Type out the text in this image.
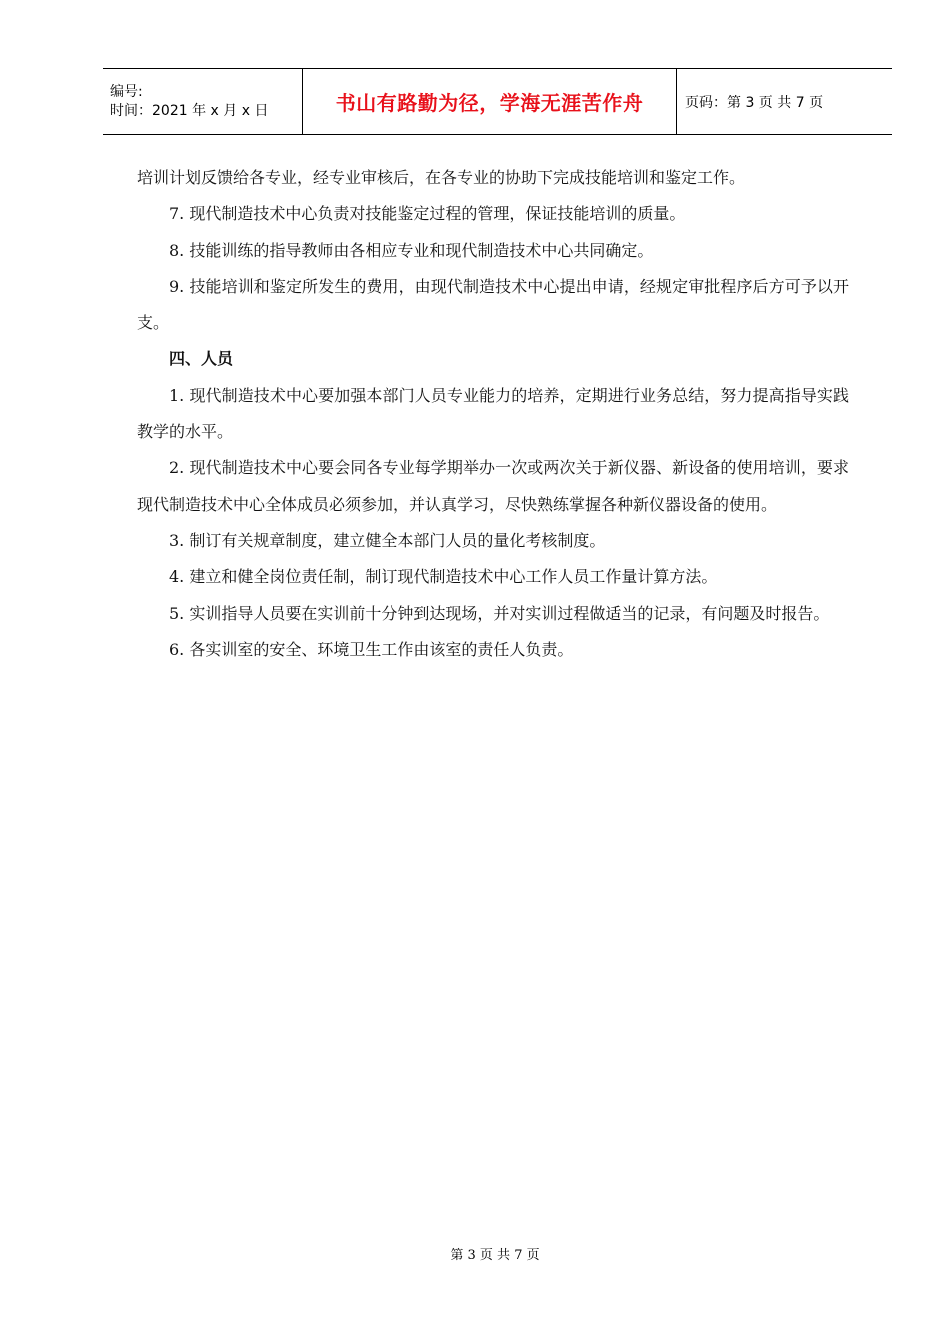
编号:
时间：2021 年 x 月 x 日	书山有路勤为径，学海无涯苦作舟	页码：第 3 页 共 7 页

培训计划反馈给各专业，经专业审核后，在各专业的协助下完成技能培训和鉴定工作。

7. 现代制造技术中心负责对技能鉴定过程的管理，保证技能培训的质量。

8. 技能训练的指导教师由各相应专业和现代制造技术中心共同确定。

9. 技能培训和鉴定所发生的费用，由现代制造技术中心提出申请，经规定审批程序后方可予以开支。

四、人员

1. 现代制造技术中心要加强本部门人员专业能力的培养，定期进行业务总结，努力提高指导实践教学的水平。

2. 现代制造技术中心要会同各专业每学期举办一次或两次关于新仪器、新设备的使用培训，要求现代制造技术中心全体成员必须参加，并认真学习，尽快熟练掌握各种新仪器设备的使用。

3. 制订有关规章制度，建立健全本部门人员的量化考核制度。

4. 建立和健全岗位责任制，制订现代制造技术中心工作人员工作量计算方法。

5. 实训指导人员要在实训前十分钟到达现场，并对实训过程做适当的记录，有问题及时报告。

6. 各实训室的安全、环境卫生工作由该室的责任人负责。

第 3 页 共 7 页
